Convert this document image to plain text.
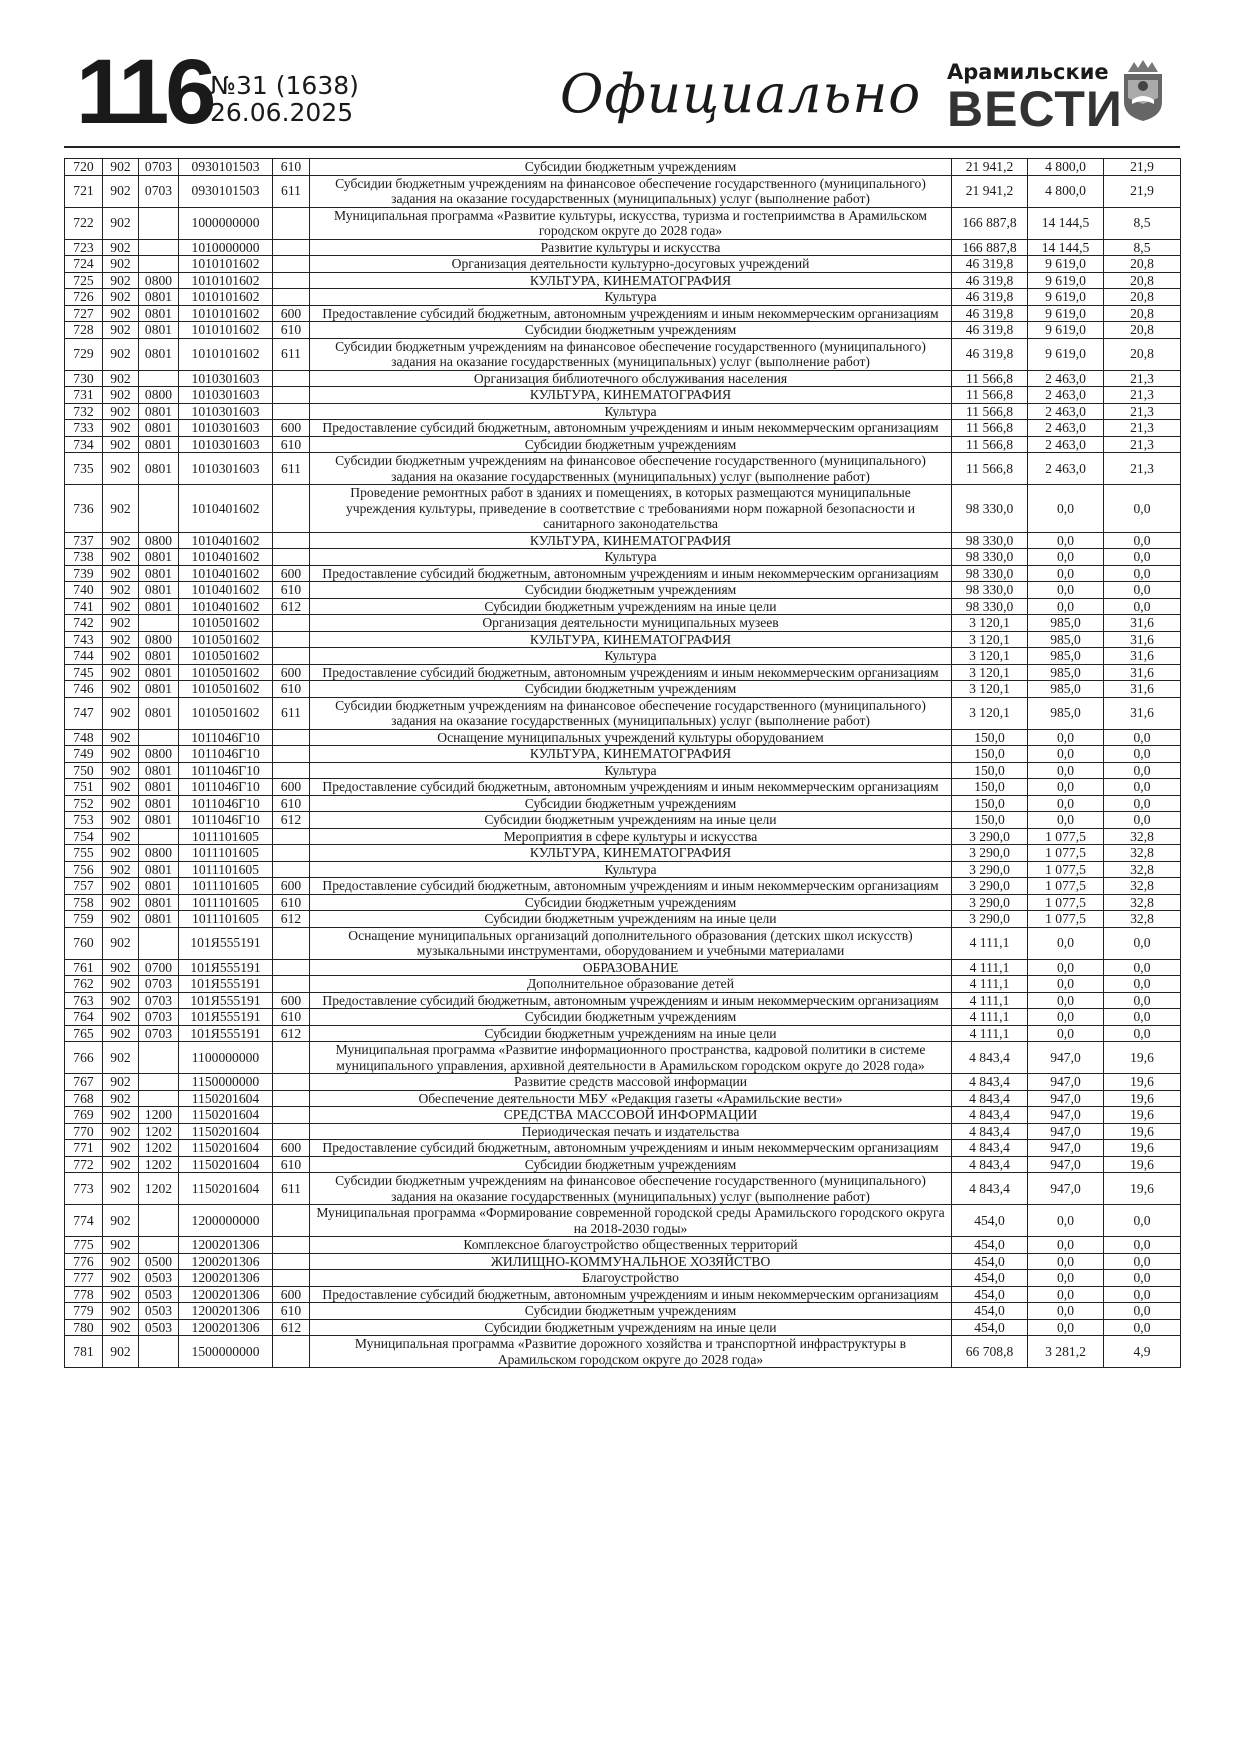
116
№31 (1638)
26.06.2025	Официально Арамильские
ВЕСТИ
720	902	0703	0930101503	610	Субсидии бюджетным учреждениям	21 941,2	4 800,0	21,9
721	902	0703	0930101503	611	Субсидии бюджетным учреждениям на финансовое обеспечение государственного (муниципального) задания на оказание государственных (муниципальных) услуг (выполнение работ)	21 941,2	4 800,0	21,9
722	902		1000000000		Муниципальная программа «Развитие культуры, искусства, туризма и гостеприимства в Арамильском городском округе до 2028 года»	166 887,8	14 144,5	8,5
723	902		1010000000		Развитие культуры и искусства	166 887,8	14 144,5	8,5
724	902		1010101602		Организация деятельности культурно-досуговых учреждений	46 319,8	9 619,0	20,8
725	902	0800	1010101602		КУЛЬТУРА, КИНЕМАТОГРАФИЯ	46 319,8	9 619,0	20,8
726	902	0801	1010101602		Культура	46 319,8	9 619,0	20,8
727	902	0801	1010101602	600	Предоставление субсидий бюджетным, автономным учреждениям и иным некоммерческим организациям	46 319,8	9 619,0	20,8
728	902	0801	1010101602	610	Субсидии бюджетным учреждениям	46 319,8	9 619,0	20,8
729	902	0801	1010101602	611	Субсидии бюджетным учреждениям на финансовое обеспечение государственного (муниципального) задания на оказание государственных (муниципальных) услуг (выполнение работ)	46 319,8	9 619,0	20,8
730	902		1010301603		Организация библиотечного обслуживания населения	11 566,8	2 463,0	21,3
731	902	0800	1010301603		КУЛЬТУРА, КИНЕМАТОГРАФИЯ	11 566,8	2 463,0	21,3
732	902	0801	1010301603		Культура	11 566,8	2 463,0	21,3
733	902	0801	1010301603	600	Предоставление субсидий бюджетным, автономным учреждениям и иным некоммерческим организациям	11 566,8	2 463,0	21,3
734	902	0801	1010301603	610	Субсидии бюджетным учреждениям	11 566,8	2 463,0	21,3
735	902	0801	1010301603	611	Субсидии бюджетным учреждениям на финансовое обеспечение государственного (муниципального) задания на оказание государственных (муниципальных) услуг (выполнение работ)	11 566,8	2 463,0	21,3
736	902		1010401602		Проведение ремонтных работ в зданиях и помещениях, в которых размещаются муниципальные учреждения культуры, приведение в соответствие с требованиями норм пожарной безопасности и санитарного законодательства	98 330,0	0,0	0,0
737	902	0800	1010401602		КУЛЬТУРА, КИНЕМАТОГРАФИЯ	98 330,0	0,0	0,0
738	902	0801	1010401602		Культура	98 330,0	0,0	0,0
739	902	0801	1010401602	600	Предоставление субсидий бюджетным, автономным учреждениям и иным некоммерческим организациям	98 330,0	0,0	0,0
740	902	0801	1010401602	610	Субсидии бюджетным учреждениям	98 330,0	0,0	0,0
741	902	0801	1010401602	612	Субсидии бюджетным учреждениям на иные цели	98 330,0	0,0	0,0
742	902		1010501602		Организация деятельности муниципальных музеев	3 120,1	985,0	31,6
743	902	0800	1010501602		КУЛЬТУРА, КИНЕМАТОГРАФИЯ	3 120,1	985,0	31,6
744	902	0801	1010501602		Культура	3 120,1	985,0	31,6
745	902	0801	1010501602	600	Предоставление субсидий бюджетным, автономным учреждениям и иным некоммерческим организациям	3 120,1	985,0	31,6
746	902	0801	1010501602	610	Субсидии бюджетным учреждениям	3 120,1	985,0	31,6
747	902	0801	1010501602	611	Субсидии бюджетным учреждениям на финансовое обеспечение государственного (муниципального) задания на оказание государственных (муниципальных) услуг (выполнение работ)	3 120,1	985,0	31,6
748	902		1011046Г10		Оснащение муниципальных учреждений культуры оборудованием	150,0	0,0	0,0
749	902	0800	1011046Г10		КУЛЬТУРА, КИНЕМАТОГРАФИЯ	150,0	0,0	0,0
750	902	0801	1011046Г10		Культура	150,0	0,0	0,0
751	902	0801	1011046Г10	600	Предоставление субсидий бюджетным, автономным учреждениям и иным некоммерческим организациям	150,0	0,0	0,0
752	902	0801	1011046Г10	610	Субсидии бюджетным учреждениям	150,0	0,0	0,0
753	902	0801	1011046Г10	612	Субсидии бюджетным учреждениям на иные цели	150,0	0,0	0,0
754	902		1011101605		Мероприятия в сфере культуры и искусства	3 290,0	1 077,5	32,8
755	902	0800	1011101605		КУЛЬТУРА, КИНЕМАТОГРАФИЯ	3 290,0	1 077,5	32,8
756	902	0801	1011101605		Культура	3 290,0	1 077,5	32,8
757	902	0801	1011101605	600	Предоставление субсидий бюджетным, автономным учреждениям и иным некоммерческим организациям	3 290,0	1 077,5	32,8
758	902	0801	1011101605	610	Субсидии бюджетным учреждениям	3 290,0	1 077,5	32,8
759	902	0801	1011101605	612	Субсидии бюджетным учреждениям на иные цели	3 290,0	1 077,5	32,8
760	902		101Я555191		Оснащение муниципальных организаций дополнительного образования (детских школ искусств) музыкальными инструментами, оборудованием и учебными материалами	4 111,1	0,0	0,0
761	902	0700	101Я555191		ОБРАЗОВАНИЕ	4 111,1	0,0	0,0
762	902	0703	101Я555191		Дополнительное образование детей	4 111,1	0,0	0,0
763	902	0703	101Я555191	600	Предоставление субсидий бюджетным, автономным учреждениям и иным некоммерческим организациям	4 111,1	0,0	0,0
764	902	0703	101Я555191	610	Субсидии бюджетным учреждениям	4 111,1	0,0	0,0
765	902	0703	101Я555191	612	Субсидии бюджетным учреждениям на иные цели	4 111,1	0,0	0,0
766	902		1100000000		Муниципальная программа «Развитие информационного пространства, кадровой политики в системе муниципального управления, архивной деятельности в Арамильском городском округе до 2028 года»	4 843,4	947,0	19,6
767	902		1150000000		Развитие средств массовой информации	4 843,4	947,0	19,6
768	902		1150201604		Обеспечение деятельности МБУ «Редакция газеты «Арамильские вести»	4 843,4	947,0	19,6
769	902	1200	1150201604		СРЕДСТВА МАССОВОЙ ИНФОРМАЦИИ	4 843,4	947,0	19,6
770	902	1202	1150201604		Периодическая печать и издательства	4 843,4	947,0	19,6
771	902	1202	1150201604	600	Предоставление субсидий бюджетным, автономным учреждениям и иным некоммерческим организациям	4 843,4	947,0	19,6
772	902	1202	1150201604	610	Субсидии бюджетным учреждениям	4 843,4	947,0	19,6
773	902	1202	1150201604	611	Субсидии бюджетным учреждениям на финансовое обеспечение государственного (муниципального) задания на оказание государственных (муниципальных) услуг (выполнение работ)	4 843,4	947,0	19,6
774	902		1200000000		Муниципальная программа «Формирование современной городской среды Арамильского городского округа на 2018-2030 годы»	454,0	0,0	0,0
775	902		1200201306		Комплексное благоустройство общественных территорий	454,0	0,0	0,0
776	902	0500	1200201306		ЖИЛИЩНО-КОММУНАЛЬНОЕ ХОЗЯЙСТВО	454,0	0,0	0,0
777	902	0503	1200201306		Благоустройство	454,0	0,0	0,0
778	902	0503	1200201306	600	Предоставление субсидий бюджетным, автономным учреждениям и иным некоммерческим организациям	454,0	0,0	0,0
779	902	0503	1200201306	610	Субсидии бюджетным учреждениям	454,0	0,0	0,0
780	902	0503	1200201306	612	Субсидии бюджетным учреждениям на иные цели	454,0	0,0	0,0
781	902		1500000000		Муниципальная программа «Развитие дорожного хозяйства и транспортной инфраструктуры в Арамильском городском округе до 2028 года»	66 708,8	3 281,2	4,9
